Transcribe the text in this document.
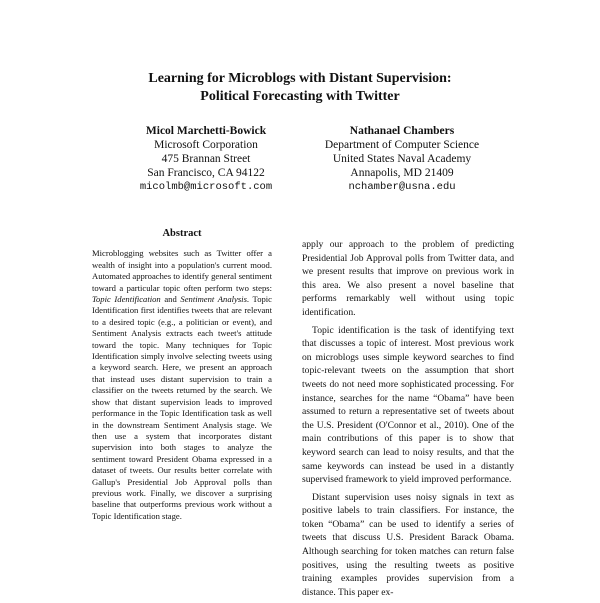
Learning for Microblogs with Distant Supervision:
Political Forecasting with Twitter
Micol Marchetti-Bowick
Microsoft Corporation
475 Brannan Street
San Francisco, CA 94122
micolmb@microsoft.com
Nathanael Chambers
Department of Computer Science
United States Naval Academy
Annapolis, MD 21409
nchamber@usna.edu
Abstract

Microblogging websites such as Twitter offer a wealth of insight into a population's current mood. Automated approaches to identify general sentiment toward a particular topic often perform two steps: Topic Identification and Sentiment Analysis. Topic Identification first identifies tweets that are relevant to a desired topic (e.g., a politician or event), and Sentiment Analysis extracts each tweet's attitude toward the topic. Many techniques for Topic Identification simply involve selecting tweets using a keyword search. Here, we present an approach that instead uses distant supervision to train a classifier on the tweets returned by the search. We show that distant supervision leads to improved performance in the Topic Identification task as well in the downstream Sentiment Analysis stage. We then use a system that incorporates distant supervision into both stages to analyze the sentiment toward President Obama expressed in a dataset of tweets. Our results better correlate with Gallup's Presidential Job Approval polls than previous work. Finally, we discover a surprising baseline that outperforms previous work without a Topic Identification stage.

apply our approach to the problem of predicting Presidential Job Approval polls from Twitter data, and we present results that improve on previous work in this area. We also present a novel baseline that performs remarkably well without using topic identification.

Topic identification is the task of identifying text that discusses a topic of interest. Most previous work on microblogs uses simple keyword searches to find topic-relevant tweets on the assumption that short tweets do not need more sophisticated processing. For instance, searches for the name “Obama” have been assumed to return a representative set of tweets about the U.S. President (O'Connor et al., 2010). One of the main contributions of this paper is to show that keyword search can lead to noisy results, and that the same keywords can instead be used in a distantly supervised framework to yield improved performance.

Distant supervision uses noisy signals in text as positive labels to train classifiers. For instance, the token “Obama” can be used to identify a series of tweets that discuss U.S. President Barack Obama. Although searching for token matches can return false positives, using the resulting tweets as positive training examples provides supervision from a distance. This paper ex-
